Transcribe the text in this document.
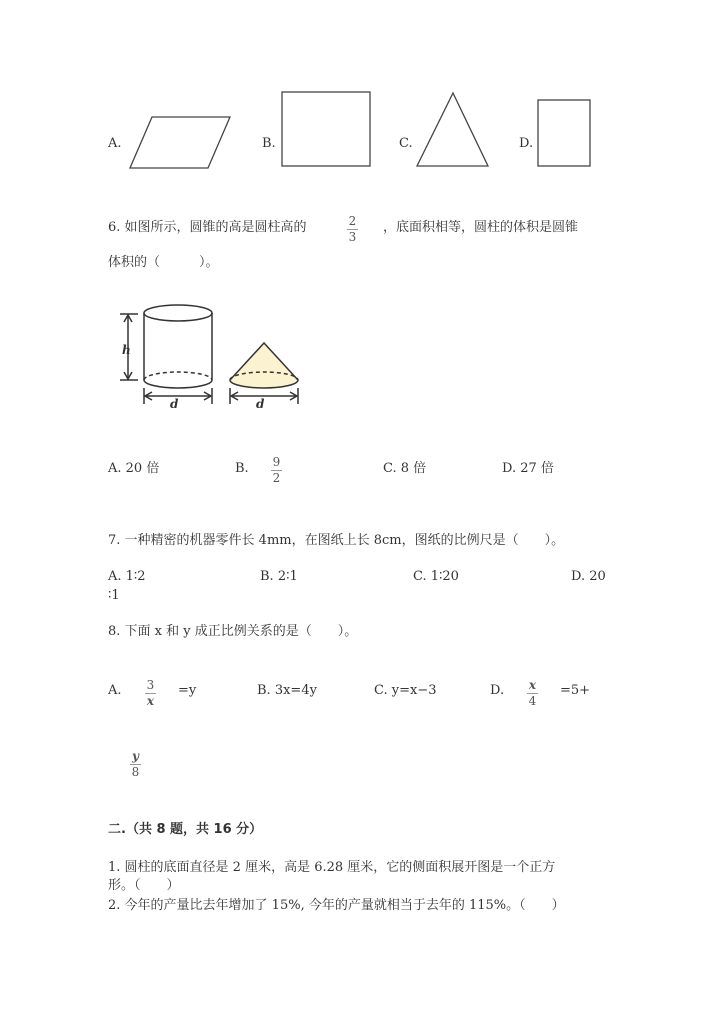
h
d	d
A.	B.	C.	D.
6. 如图所示，圆锥的高是圆柱高的	2
3
，底面积相等，圆柱的体积是圆锥
体积的（　　　）。
A. 20 倍	B. 9
2
C. 8 倍	D. 27 倍
7. 一种精密的机器零件长 4mm，在图纸上长 8cm，图纸的比例尺是（　　）。
A. 1∶2	B. 2∶1	C. 1∶20	D. 20
∶1
8. 下面 x 和 y 成正比例关系的是（　　）。
A. 3
x
=y	B. 3x=4y	C. y=x−3	D. x
4
=5+
y
8
二.（共 8 题，共 16 分）
1. 圆柱的底面直径是 2 厘米，高是 6.28 厘米，它的侧面积展开图是一个正方
形。（　　）
2. 今年的产量比去年增加了 15%, 今年的产量就相当于去年的 115%。（　　）
